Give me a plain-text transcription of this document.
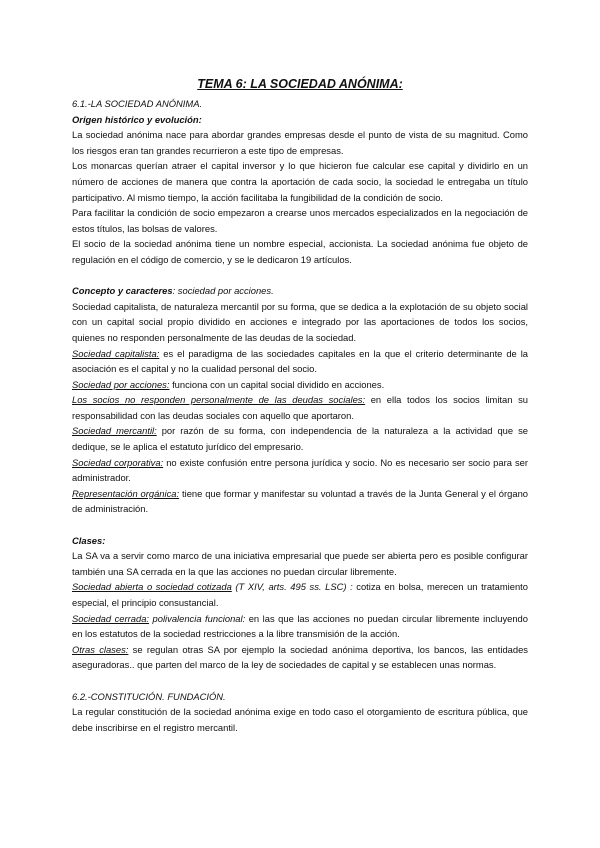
TEMA 6: LA SOCIEDAD ANÓNIMA:

6.1.-LA SOCIEDAD ANÓNIMA.

Origen histórico y evolución:

La sociedad anónima nace para abordar grandes empresas desde el punto de vista de su magnitud. Como los riesgos eran tan grandes recurrieron a este tipo de empresas.

Los monarcas querían atraer el capital inversor y lo que hicieron fue calcular ese capital y dividirlo en un número de acciones de manera que contra la aportación de cada socio, la sociedad le entregaba un título participativo. Al mismo tiempo, la acción facilitaba la fungibilidad de la condición de socio.

Para facilitar la condición de socio empezaron a crearse unos mercados especializados en la negociación de estos títulos, las bolsas de valores.

El socio de la sociedad anónima tiene un nombre especial, accionista. La sociedad anónima fue objeto de regulación en el código de comercio, y se le dedicaron 19 artículos.

Concepto y caracteres: sociedad por acciones.

Sociedad capitalista, de naturaleza mercantil por su forma, que se dedica a la explotación de su objeto social con un capital social propio dividido en acciones e integrado por las aportaciones de todos los socios, quienes no responden personalmente de las deudas de la sociedad.

Sociedad capitalista: es el paradigma de las sociedades capitales en la que el criterio determinante de la asociación es el capital y no la cualidad personal del socio.

Sociedad por acciones: funciona con un capital social dividido en acciones.

Los socios no responden personalmente de las deudas sociales: en ella todos los socios limitan su responsabilidad con las deudas sociales con aquello que aportaron.

Sociedad mercantil: por razón de su forma, con independencia de la naturaleza a la actividad que se dedique, se le aplica el estatuto jurídico del empresario.

Sociedad corporativa: no existe confusión entre persona jurídica y socio. No es necesario ser socio para ser administrador.

Representación orgánica: tiene que formar y manifestar su voluntad a través de la Junta General y el órgano de administración.

Clases:

La SA va a servir como marco de una iniciativa empresarial que puede ser abierta pero es posible configurar también una SA cerrada en la que las acciones no puedan circular libremente.

Sociedad abierta o sociedad cotizada (T XIV, arts. 495 ss. LSC) : cotiza en bolsa, merecen un tratamiento especial, el principio consustancial.

Sociedad cerrada: polivalencia funcional: en las que las acciones no puedan circular libremente incluyendo en los estatutos de la sociedad restricciones a la libre transmisión de la acción.

Otras clases: se regulan otras SA por ejemplo la sociedad anónima deportiva, los bancos, las entidades aseguradoras.. que parten del marco de la ley de sociedades de capital y se establecen unas normas.

6.2.-CONSTITUCIÓN. FUNDACIÓN.

La regular constitución de la sociedad anónima exige en todo caso el otorgamiento de escritura pública, que debe inscribirse en el registro mercantil.
